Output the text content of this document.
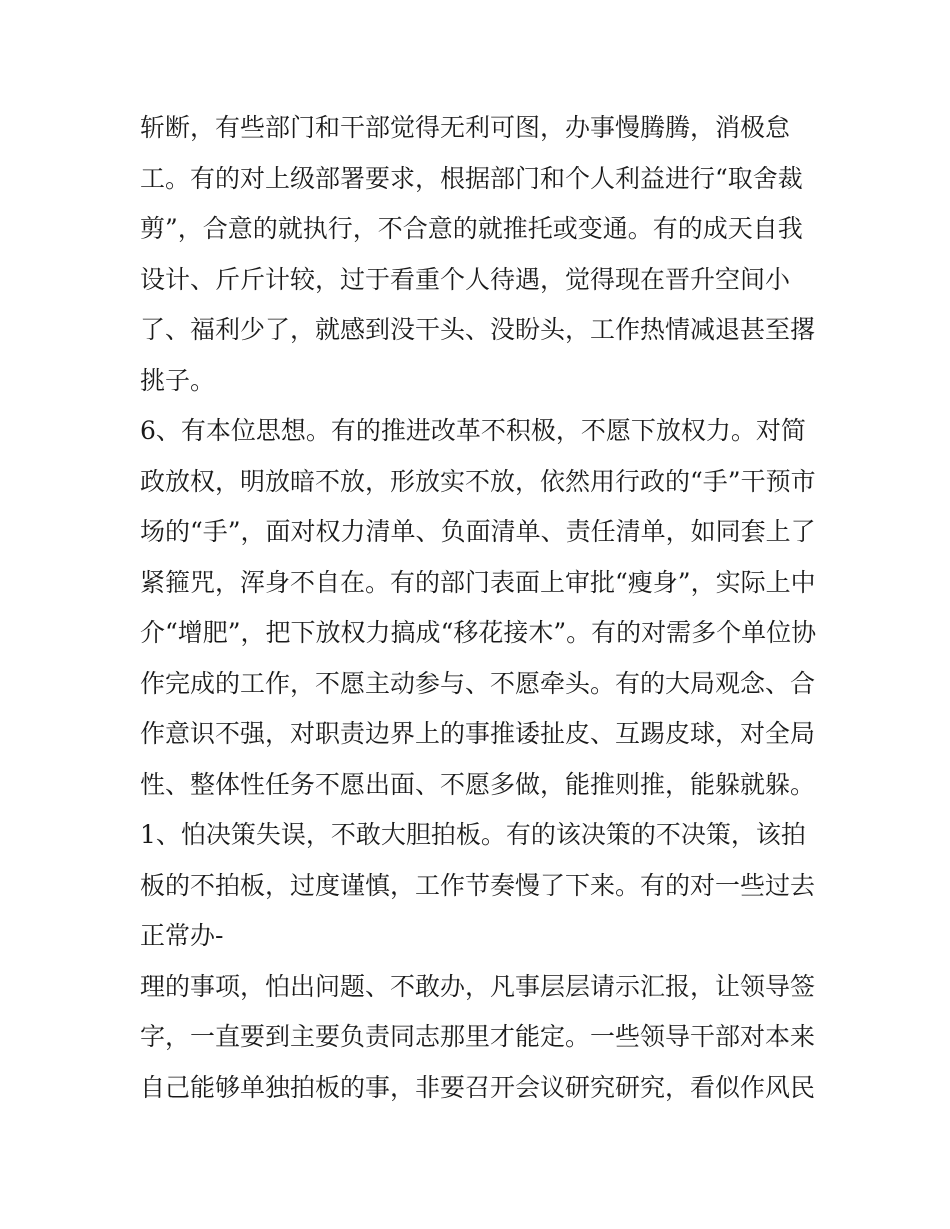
斩断，有些部门和干部觉得无利可图，办事慢腾腾，消极怠
工。有的对上级部署要求，根据部门和个人利益进行“取舍裁
剪”，合意的就执行，不合意的就推托或变通。有的成天自我
设计、斤斤计较，过于看重个人待遇，觉得现在晋升空间小
了、福利少了，就感到没干头、没盼头，工作热情减退甚至撂
挑子。
6、有本位思想。有的推进改革不积极，不愿下放权力。对简
政放权，明放暗不放，形放实不放，依然用行政的“手”干预市
场的“手”，面对权力清单、负面清单、责任清单，如同套上了
紧箍咒，浑身不自在。有的部门表面上审批“瘦身”，实际上中
介“增肥”，把下放权力搞成“移花接木”。有的对需多个单位协
作完成的工作，不愿主动参与、不愿牵头。有的大局观念、合
作意识不强，对职责边界上的事推诿扯皮、互踢皮球，对全局
性、整体性任务不愿出面、不愿多做，能推则推，能躲就躲。
1、怕决策失误，不敢大胆拍板。有的该决策的不决策，该拍
板的不拍板，过度谨慎，工作节奏慢了下来。有的对一些过去
正常办-
理的事项，怕出问题、不敢办，凡事层层请示汇报，让领导签
字，一直要到主要负责同志那里才能定。一些领导干部对本来
自己能够单独拍板的事，非要召开会议研究研究，看似作风民
